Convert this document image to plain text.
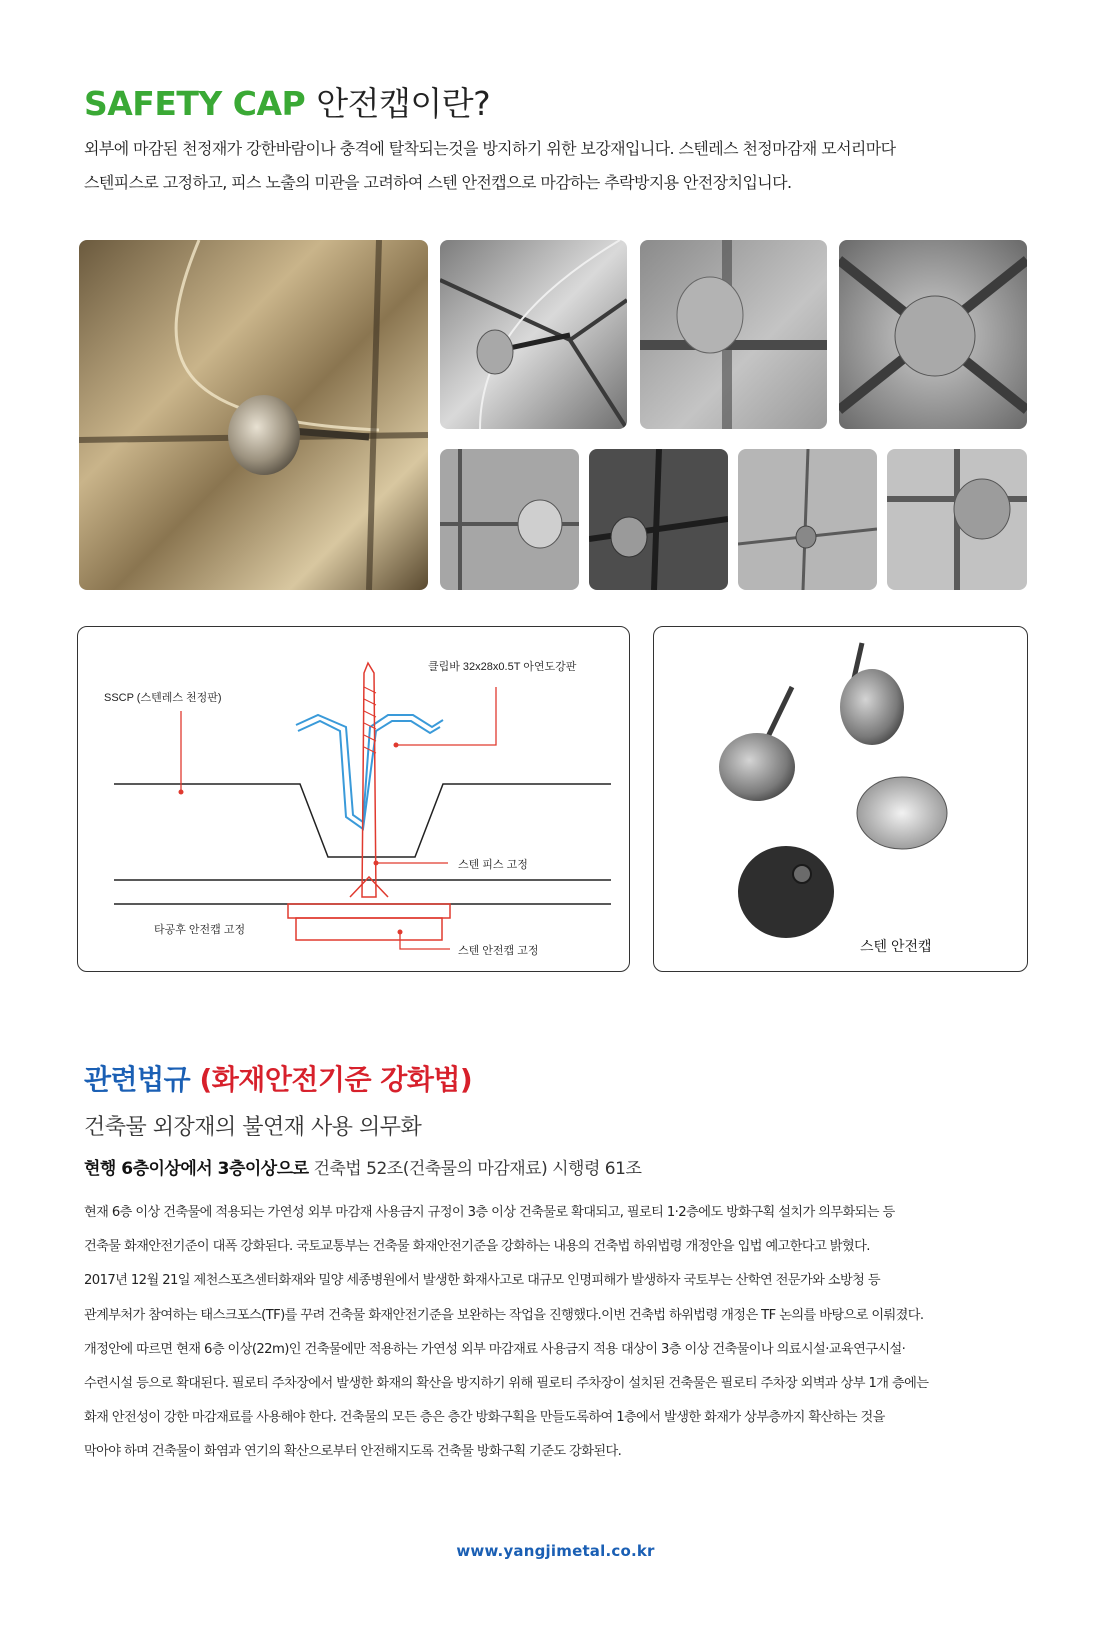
SAFETY CAP 안전캡이란?

외부에 마감된 천정재가 강한바람이나 충격에 탈착되는것을 방지하기 위한 보강재입니다. 스텐레스 천정마감재 모서리마다

스텐피스로 고정하고, 피스 노출의 미관을 고려하여 스텐 안전캡으로 마감하는 추락방지용 안전장치입니다.

클립바 32x28x0.5T 아연도강판
SSCP (스텐레스 천정판)
스텐 피스 고정
타공후 안전캡 고정
스텐 안전캡 고정	스텐 안전캡
관련법규 (화재안전기준 강화법)
건축물 외장재의 불연재 사용 의무화
현행 6층이상에서 3층이상으로 건축법 52조(건축물의 마감재료) 시행령 61조

현재 6층 이상 건축물에 적용되는 가연성 외부 마감재 사용금지 규정이 3층 이상 건축물로 확대되고, 필로티 1·2층에도 방화구획 설치가 의무화되는 등

건축물 화재안전기준이 대폭 강화된다. 국토교통부는 건축물 화재안전기준을 강화하는 내용의 건축법 하위법령 개정안을 입법 예고한다고 밝혔다.

2017년 12월 21일 제천스포츠센터화재와 밀양 세종병원에서 발생한 화재사고로 대규모 인명피해가 발생하자 국토부는 산학연 전문가와 소방청 등

관계부처가 참여하는 태스크포스(TF)를 꾸려 건축물 화재안전기준을 보완하는 작업을 진행했다.이번 건축법 하위법령 개정은 TF 논의를 바탕으로 이뤄졌다.

개정안에 따르면 현재 6층 이상(22m)인 건축물에만 적용하는 가연성 외부 마감재료 사용금지 적용 대상이 3층 이상 건축물이나 의료시설·교육연구시설·

수련시설 등으로 확대된다. 필로티 주차장에서 발생한 화재의 확산을 방지하기 위해 필로티 주차장이 설치된 건축물은 필로티 주차장 외벽과 상부 1개 층에는

화재 안전성이 강한 마감재료를 사용해야 한다. 건축물의 모든 층은 층간 방화구획을 만들도록하여 1층에서 발생한 화재가 상부층까지 확산하는 것을

막아야 하며 건축물이 화염과 연기의 확산으로부터 안전해지도록 건축물 방화구획 기준도 강화된다.

www.yangjimetal.co.kr
